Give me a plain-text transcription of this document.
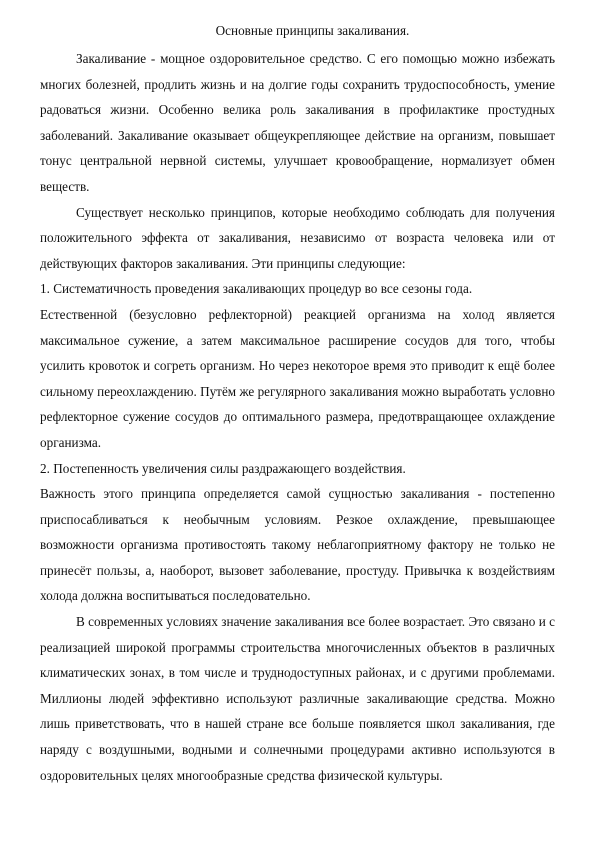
Основные принципы закаливания.

Закаливание - мощное оздоровительное средство. С его помощью можно избежать многих болезней, продлить жизнь и на долгие годы сохранить трудоспособность, умение радоваться жизни. Особенно велика роль закаливания в профилактике простудных заболеваний. Закаливание оказывает общеукрепляющее действие на организм, повышает тонус центральной нервной системы, улучшает кровообращение, нормализует обмен веществ.

Существует несколько принципов, которые необходимо соблюдать для получения положительного эффекта от закаливания, независимо от возраста человека или от действующих факторов закаливания. Эти принципы следующие:

1. Систематичность проведения закаливающих процедур во все сезоны года.

Естественной (безусловно рефлекторной) реакцией организма на холод является максимальное сужение, а затем максимальное расширение сосудов для того, чтобы усилить кровоток и согреть организм. Но через некоторое время это приводит к ещё более сильному переохлаждению. Путём же регулярного закаливания можно выработать условно рефлекторное сужение сосудов до оптимального размера, предотвращающее охлаждение организма.

2. Постепенность увеличения силы раздражающего воздействия.

Важность этого принципа определяется самой сущностью закаливания - постепенно приспосабливаться к необычным условиям. Резкое охлаждение, превышающее возможности организма противостоять такому неблагоприятному фактору не только не принесёт пользы, а, наоборот, вызовет заболевание, простуду. Привычка к воздействиям холода должна воспитываться последовательно.

В современных условиях значение закаливания все более возрастает. Это связано и с реализацией широкой программы строительства многочисленных объектов в различных климатических зонах, в том числе и труднодоступных районах, и с другими проблемами. Миллионы людей эффективно используют различные закаливающие средства. Можно лишь приветствовать, что в нашей стране все больше появляется школ закаливания, где наряду с воздушными, водными и солнечными процедурами активно используются в оздоровительных целях многообразные средства физической культуры.
